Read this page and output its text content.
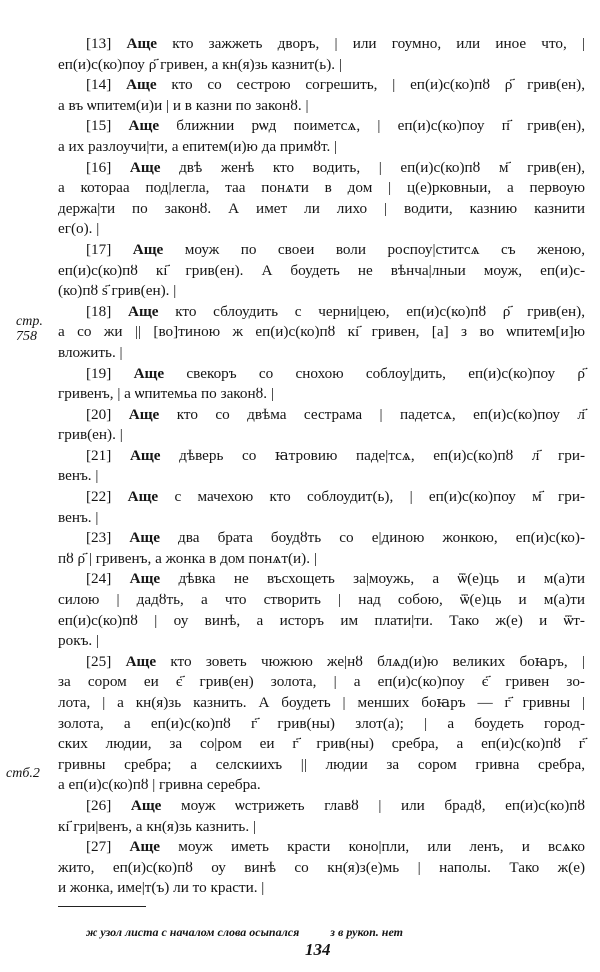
[13] Аще кто зажжеть дворъ, | или гоумно, или иное что, |
еп(и)с(ко)поу ρ҃ гривен, а кн(я)зь казнит(ь). |
[14] Аще кто со сестрою согрешить, | еп(и)с(ко)пȣ ρ҃ грив(ен),
а въ ѡпитем(и)и | и в казни по законȣ. |
[15] Аще ближнии рѡд поиметсѧ, | еп(и)с(ко)поу п҃ грив(ен),
а их разлоучи|ти, а епитем(и)ю да примȣт. |
[16] Аще двѣ женѣ кто водить, | еп(и)с(ко)пȣ м҃ грив(ен),
а котораа под|легла, таа понѧти в дом | ц(е)рковныи, а первоую
держа|ти по законȣ. А имет ли лихо | водити, казнию казнити
ег(о). |
[17] Аще моуж по своеи воли роспоу|ститсѧ съ женою,
еп(и)с(ко)пȣ кı҃ грив(ен). А боудеть не вѣнча|лныи моуж, еп(и)с-
(ко)пȣ ѕ҃ грив(ен). |
[18] Аще кто сблоудить с черни|цею, еп(и)с(ко)пȣ ρ҃ грив(ен),
а со жи || [во]тиною ж еп(и)с(ко)пȣ кı҃ гривен, [а] з во ѡпитем[и]ю
вложить. |
[19] Аще свекоръ со снохою соблоу|дить, еп(и)с(ко)поу ρ҃
гривенъ, | а ѡпитемьа по законȣ. |
[20] Аще кто со двѣма сестрама | падетсѧ, еп(и)с(ко)поу л҃
грив(ен). |
[21] Аще дѣверь со ꙗтровию паде|тсѧ, еп(и)с(ко)пȣ л҃ гри-
венъ. |
[22] Аще с мачехою кто соблоудит(ь), | еп(и)с(ко)поу м҃ гри-
венъ. |
[23] Аще два брата боудȣть со е|диною жонкою, еп(и)с(ко)-
пȣ ρ҃ | гривенъ, а жонка в дом понѧт(и). |
[24] Аще дѣвка не въсхощеть за|моужь, а ѿ(е)ць и м(а)ти
силою | дадȣть, а что створить | над собою, ѿ(е)ць и м(а)ти
еп(и)с(ко)пȣ | оу винѣ, а исторъ им плати|ти. Тако ж(е) и ѿт-
рокъ. |
[25] Аще кто зоветь чюжюю же|нȣ блѧд(и)ю великих боꙗръ, |
за сором еи є҃ грив(ен) золота, | а еп(и)с(ко)поу є҃ гривен зо-
лота, | а кн(я)зь казнить. А боудеть | менших боꙗръ — г҃ гривны |
золота, а еп(и)с(ко)пȣ г҃ грив(ны) злот(а); | а боудеть город-
ских людии, за со|ром еи г҃ грив(ны) сребра, а еп(и)с(ко)пȣ г҃
гривны сребра; а селскиихъ || людии за сором гривна сребра,
а еп(и)с(ко)пȣ | гривна серебра.
[26] Аще моуж ѡстрижеть главȣ | или брадȣ, еп(и)с(ко)пȣ
кı҃ гри|венъ, а кн(я)зь казнить. |
[27] Аще моуж иметь красти коно|пли, или ленъ, и всѧко
жито, еп(и)с(ко)пȣ оу винѣ со кн(я)з(е)мь | наполы. Тако ж(е)
и жонка, име|т(ъ) ли то красти. |
стр.
758
стб.2
ж узол листа с началом слова осыпался	з в рукоп. нет
134
